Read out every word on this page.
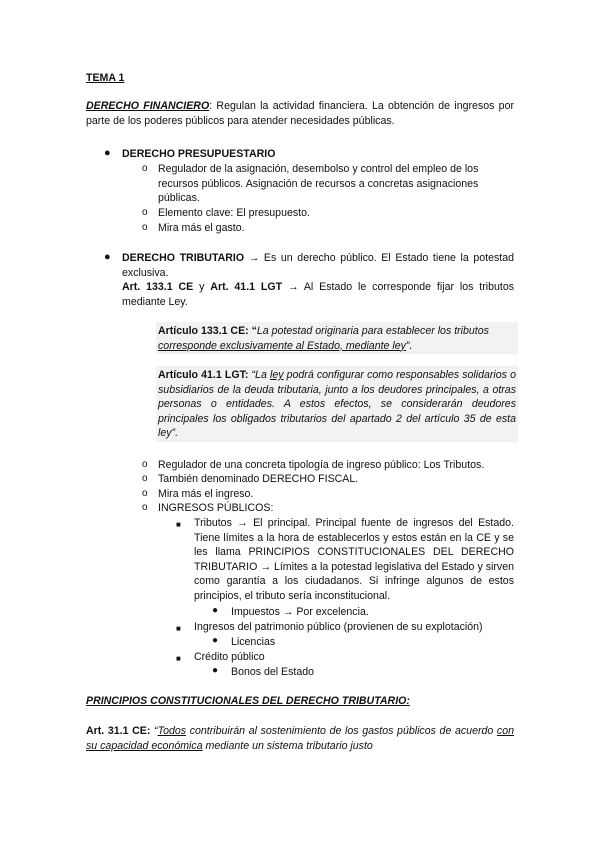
TEMA 1
DERECHO FINANCIERO: Regulan la actividad financiera. La obtención de ingresos por parte de los poderes públicos para atender necesidades públicas.
● DERECHO PRESUPUESTARIO
o Regulador de la asignación, desembolso y control del empleo de los recursos públicos. Asignación de recursos a concretas asignaciones públicas.
o Elemento clave: El presupuesto.
o Mira más el gasto.
● DERECHO TRIBUTARIO → Es un derecho público. El Estado tiene la potestad exclusiva.
Art. 133.1 CE y Art. 41.1 LGT → Al Estado le corresponde fijar los tributos mediante Ley.
Artículo 133.1 CE: “La potestad originaria para establecer los tributos corresponde exclusivamente al Estado, mediante ley”.
Artículo 41.1 LGT: “La ley podrá configurar como responsables solidarios o subsidiarios de la deuda tributaria, junto a los deudores principales, a otras personas o entidades. A estos efectos, se considerarán deudores principales los obligados tributarios del apartado 2 del artículo 35 de esta ley”.
o Regulador de una concreta tipología de ingreso público: Los Tributos.
o También denominado DERECHO FISCAL.
o Mira más el ingreso.
o INGRESOS PÚBLICOS:
■ Tributos → El principal. Principal fuente de ingresos del Estado. Tiene límites a la hora de establecerlos y estos están en la CE y se les llama PRINCIPIOS CONSTITUCIONALES DEL DERECHO TRIBUTARIO → Límites a la potestad legislativa del Estado y sirven como garantía a los ciudadanos. Si infringe algunos de estos principios, el tributo sería inconstitucional.
● Impuestos → Por excelencia.
■ Ingresos del patrimonio público (provienen de su explotación)
● Licencias
■ Crédito público
● Bonos del Estado
PRINCIPIOS CONSTITUCIONALES DEL DERECHO TRIBUTARIO:
Art. 31.1 CE: “Todos contribuirán al sostenimiento de los gastos públicos de acuerdo con su capacidad económica mediante un sistema tributario justo
